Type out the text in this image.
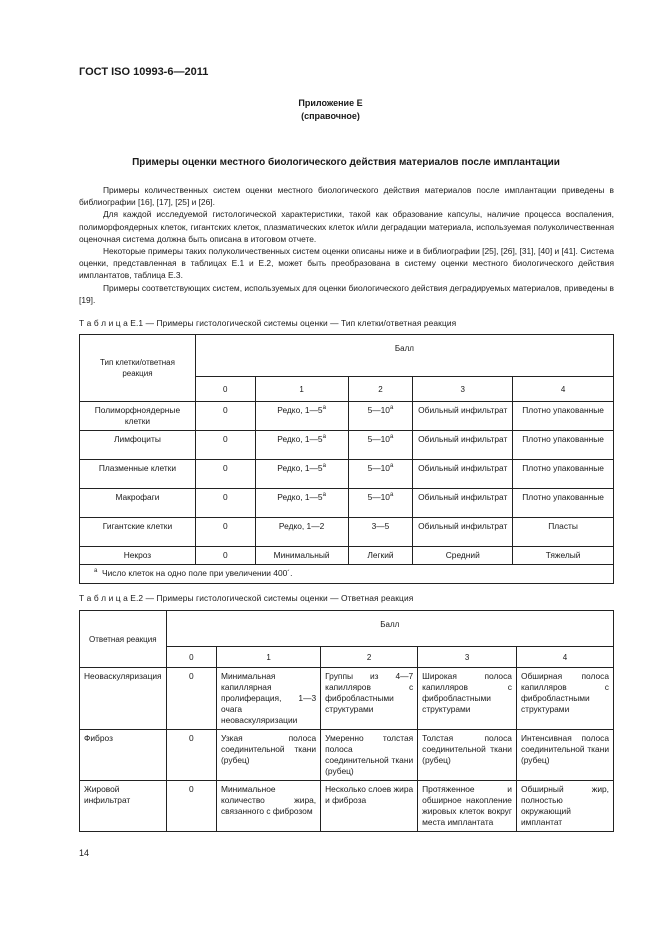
ГОСТ ISO 10993-6—2011
Приложение Е
(справочное)
Примеры оценки местного биологического действия материалов после имплантации

Примеры количественных систем оценки местного биологического действия материалов после имплантации приведены в библиографии [16], [17], [25] и [26].

Для каждой исследуемой гистологической характеристики, такой как образование капсулы, наличие процесса воспаления, полиморфоядерных клеток, гигантских клеток, плазматических клеток и/или деградации материала, используемая полуколичественная оценочная система должна быть описана в итоговом отчете.

Некоторые примеры таких полуколичественных систем оценки описаны ниже и в библиографии [25], [26], [31], [40] и [41]. Система оценки, представленная в таблицах Е.1 и Е.2, может быть преобразована в систему оценки местного биологического действия имплантатов, таблица Е.3.

Примеры соответствующих систем, используемых для оценки биологического действия деградируемых материалов, приведены в [19].

Т а б л и ц а Е.1 — Примеры гистологической системы оценки — Тип клетки/ответная реакция
Тип клетки/ответная реакция	Балл				
	0	1	2	3	4
Полиморфноядерные клетки	0	Редко, 1—5$^a$	5—10$^a$	Обильный инфильтрат	Плотно упакованные
Лимфоциты	0	Редко, 1—5$^a$	5—10$^a$	Обильный инфильтрат	Плотно упакованные
Плазменные клетки	0	Редко, 1—5$^a$	5—10$^a$	Обильный инфильтрат	Плотно упакованные
Макрофаги	0	Редко, 1—5$^a$	5—10$^a$	Обильный инфильтрат	Плотно упакованные
Гигантские клетки	0	Редко, 1—2	3—5	Обильный инфильтрат	Пласты
Некроз	0	Минимальный	Легкий	Средний	Тяжелый
$^a$ Число клеток на одно поле при увеличении 400´.					
Т а б л и ц а Е.2 — Примеры гистологической системы оценки — Ответная реакция
Ответная реакция	Балл				
	0	1	2	3	4
Неоваскуляризация	0	Минимальная капиллярная пролиферация, 1—3 очага неоваскуляризации	Группы из 4—7 капилляров с фибробластными структурами	Широкая полоса капилляров с фибробластными структурами	Обширная полоса капилляров с фибробластными структурами
Фиброз	0	Узкая полоса соединительной ткани (рубец)	Умеренно толстая полоса соединительной ткани (рубец)	Толстая полоса соединительной ткани (рубец)	Интенсивная полоса соединительной ткани (рубец)
Жировой инфильтрат	0	Минимальное количество жира, связанного с фиброзом	Несколько слоев жира и фиброза	Протяженное и обширное накопление жировых клеток вокруг места имплантата	Обширный жир, полностью окружающий имплантат
14
